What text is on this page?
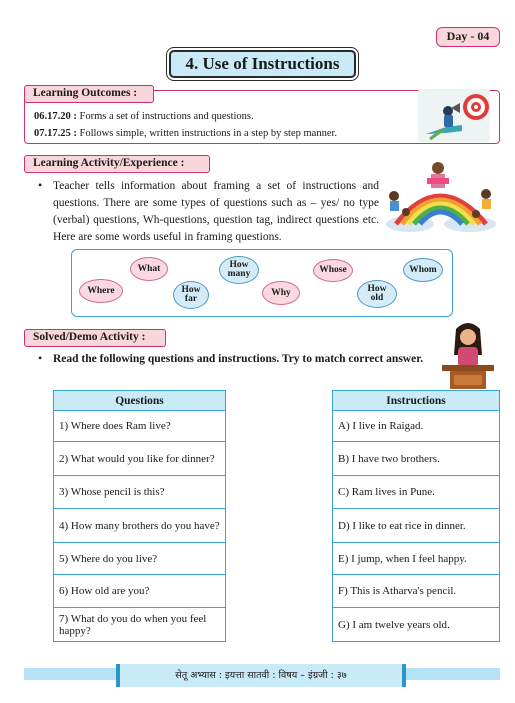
Day - 04
4. Use of Instructions
06.17.20 : Forms a set of instructions and questions.
07.17.25 : Follows simple, written instructions in a step by step manner.
Learning Outcomes :
Learning Activity/Experience :
• Teacher tells information about framing a set of instructions and questions. There are some types of questions such as – yes/ no type (verbal) questions, Wh-questions, question tag, indirect questions etc. Here are some words useful in framing questions.
What	How many	Whose	Whom
Where	How far
Why	How old
Solved/Demo Activity :
• Read the following questions and instructions. Try to match correct answer.
Questions
1) Where does Ram live?
2) What would you like for dinner?
3) Whose pencil is this?
4) How many brothers do you have?
5) Where do you live?
6) How old are you?
7) What do you do when you feel happy?
Instructions
A) I live in Raigad.
B) I have two brothers.
C) Ram lives in Pune.
D) I like to eat rice in dinner.
E) I jump, when I feel happy.
F) This is Atharva's pencil.
G) I am twelve years old.
सेतू अभ्यास : इयत्ता सातवी : विषय – इंग्रजी : ३७
